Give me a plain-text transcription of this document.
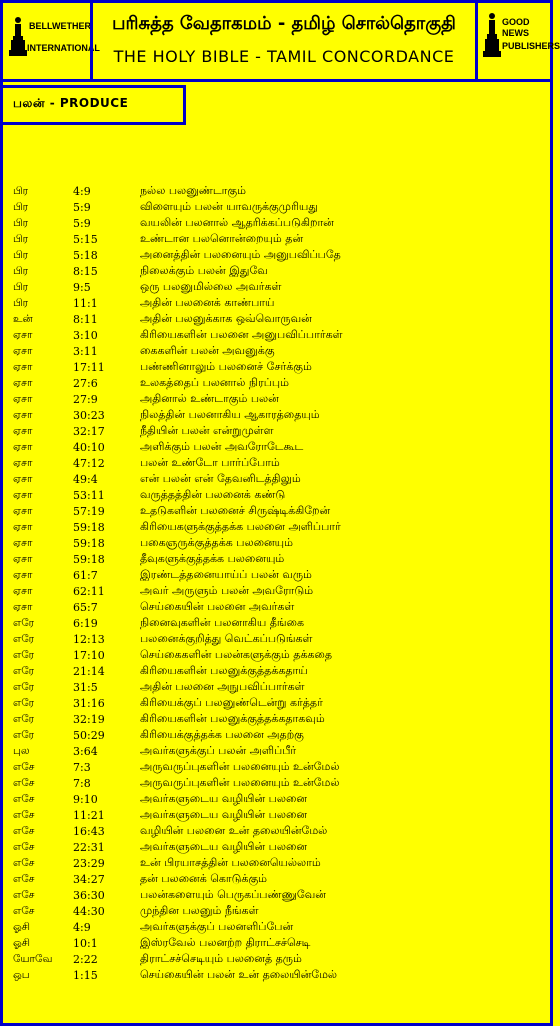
BELLWETHER
INTERNATIONAL
பரிசுத்த வேதாகமம் - தமிழ் சொல்தொகுதி
THE HOLY BIBLE - TAMIL CONCORDANCE
GOOD NEWS
PUBLISHERS
பலன் - PRODUCE
பிர	4:9	நல்ல பலனுண்டாகும்
பிர	5:9	விளையும் பலன் யாவருக்குமுரியது
பிர	5:9	வயலின் பலனால் ஆதரிக்கப்படுகிறான்
பிர	5:15	உண்டான பலனொன்றையும் தன்
பிர	5:18	அனைத்தின் பலனையும் அனுபவிப்பதே
பிர	8:15	நிலைக்கும் பலன் இதுவே
பிர	9:5	ஒரு பலனுமில்லை அவர்கள்
பிர	11:1	அதின் பலனைக் காண்பாய்
உன்	8:11	அதின் பலனுக்காக ஒவ்வொருவன்
ஏசா	3:10	கிரியைகளின் பலனை அனுபவிப்பார்கள்
ஏசா	3:11	கைகளின் பலன் அவனுக்கு
ஏசா	17:11	பண்ணினாலும் பலனைச் சேர்க்கும்
ஏசா	27:6	உலகத்தைப் பலனால் நிரப்பும்
ஏசா	27:9	அதினால் உண்டாகும் பலன்
ஏசா	30:23	நிலத்தின் பலனாகிய ஆகாரத்தையும்
ஏசா	32:17	நீதியின் பலன் என்றுமுள்ள
ஏசா	40:10	அளிக்கும் பலன் அவரோடேகூட
ஏசா	47:12	பலன் உண்டோ பார்ப்போம்
ஏசா	49:4	என் பலன் என் தேவனிடத்திலும்
ஏசா	53:11	வருத்தத்தின் பலனைக் கண்டு
ஏசா	57:19	உதடுகளின் பலனைச் சிருஷ்டிக்கிறேன்
ஏசா	59:18	கிரியைகளுக்குத்தக்க பலனை அளிப்பார்
ஏசா	59:18	பகைஞருக்குத்தக்க பலனையும்
ஏசா	59:18	தீவுகளுக்குத்தக்க பலனையும்
ஏசா	61:7	இரண்டத்தனையாய்ப் பலன் வரும்
ஏசா	62:11	அவர் அருளும் பலன் அவரோடும்
ஏசா	65:7	செய்கையின் பலனை அவர்கள்
எரே	6:19	நினைவுகளின் பலனாகிய தீங்கை
எரே	12:13	பலனைக்குறித்து வெட்கப்படுங்கள்
எரே	17:10	செய்கைகளின் பலன்களுக்கும் தக்கதை
எரே	21:14	கிரியைகளின் பலனுக்குத்தக்கதாய்
எரே	31:5	அதின் பலனை அநுபவிப்பார்கள்
எரே	31:16	கிரியைக்குப் பலனுண்டென்று கர்த்தர்
எரே	32:19	கிரியைகளின் பலனுக்குத்தக்கதாகவும்
எரே	50:29	கிரியைக்குத்தக்க பலனை அதற்கு
புல	3:64	அவர்களுக்குப் பலன் அளிப்பீர்
எசே	7:3	அருவருப்புகளின் பலனையும் உன்மேல்
எசே	7:8	அருவருப்புகளின் பலனையும் உன்மேல்
எசே	9:10	அவர்களுடைய வழியின் பலனை
எசே	11:21	அவர்களுடைய வழியின் பலனை
எசே	16:43	வழியின் பலனை உன் தலையின்மேல்
எசே	22:31	அவர்களுடைய வழியின் பலனை
எசே	23:29	உன் பிரயாசத்தின் பலனையெல்லாம்
எசே	34:27	தன் பலனைக் கொடுக்கும்
எசே	36:30	பலன்களையும் பெருகப்பண்ணுவேன்
எசே	44:30	முந்தின பலனும் நீங்கள்
ஓசி	4:9	அவர்களுக்குப் பலனளிப்பேன்
ஓசி	10:1	இஸ்ரவேல் பலனற்ற திராட்சச்செடி
யோவே	2:22	திராட்சச்செடியும் பலனைத் தரும்
ஒப	1:15	செய்கையின் பலன் உன் தலையின்மேல்
